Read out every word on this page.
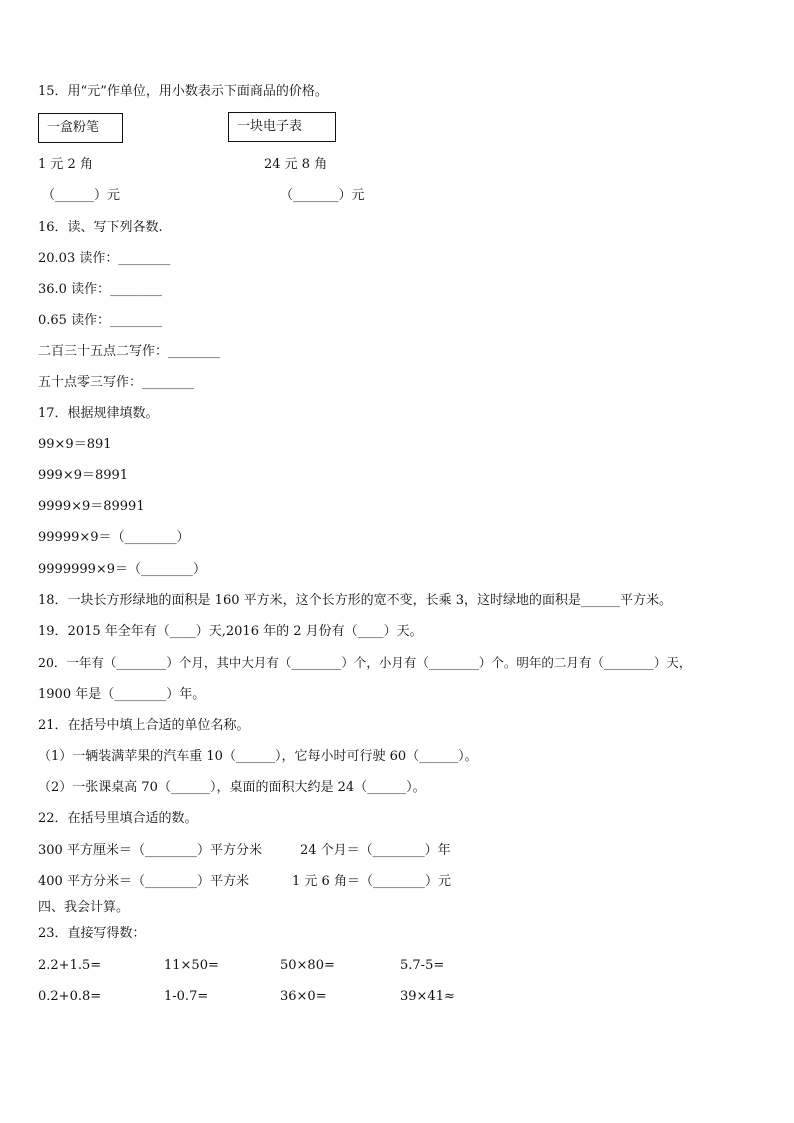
15．用“元”作单位，用小数表示下面商品的价格。
一盒粉笔	一块电子表
1 元 2 角	24 元 8 角
（______）元	（_______）元
16．读、写下列各数.
20.03 读作：________
36.0 读作：________
0.65 读作：________
二百三十五点二写作：________
五十点零三写作：________
17．根据规律填数。
99×9＝891
999×9＝8991
9999×9＝89991
99999×9＝（________）
9999999×9＝（________）
18．一块长方形绿地的面积是 160 平方米，这个长方形的宽不变，长乘 3，这时绿地的面积是______平方米。
19．2015 年全年有（____）天,2016 年的 2 月份有（____）天。
20．一年有（________）个月，其中大月有（________）个，小月有（________）个。明年的二月有（________）天，
1900 年是（________）年。
21．在括号中填上合适的单位名称。
（1）一辆装满苹果的汽车重 10（______），它每小时可行驶 60（______）。
（2）一张课桌高 70（______），桌面的面积大约是 24（______）。
22．在括号里填合适的数。
300 平方厘米＝（________）平方分米	24 个月＝（________）年
400 平方分米＝（________）平方米	1 元 6 角＝（________）元
四、我会计算。
23．直接写得数：
2.2+1.5=	11×50=	50×80=	5.7-5=
0.2+0.8=	1-0.7=	36×0=	39×41≈
